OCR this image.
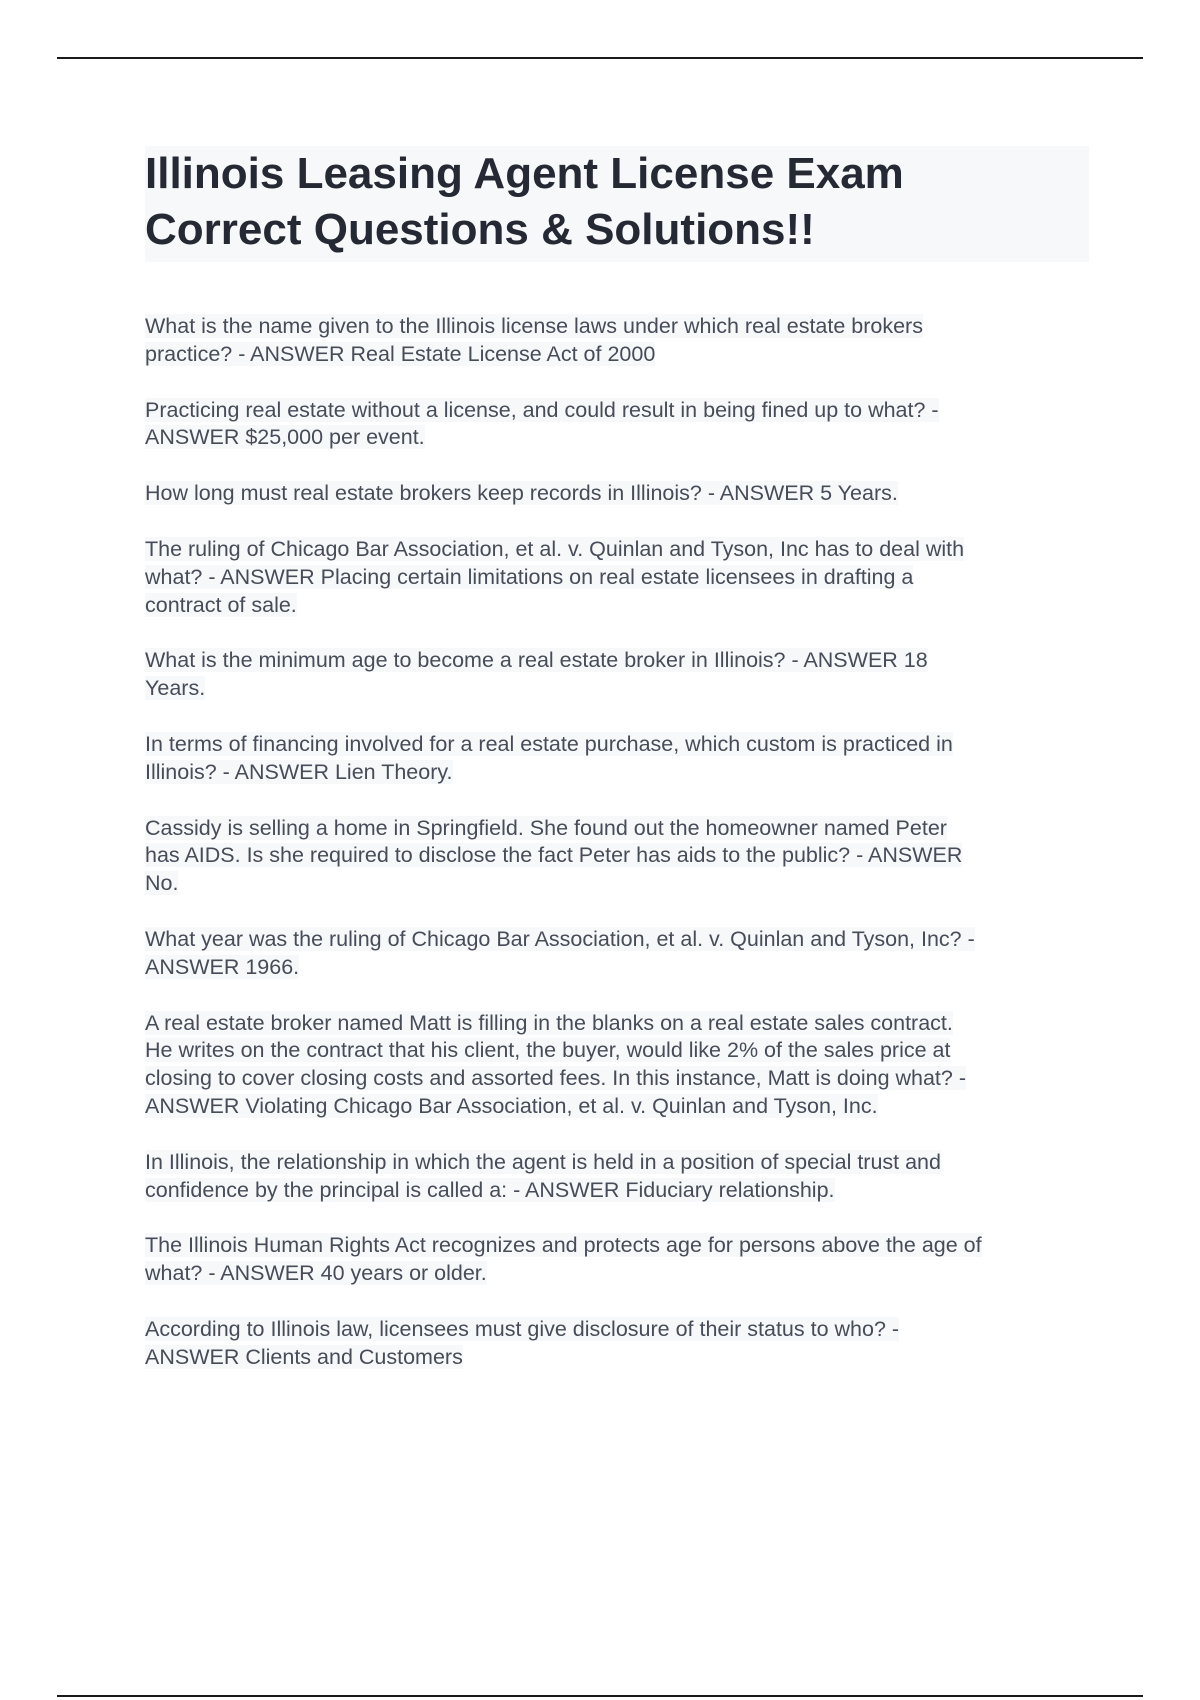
Illinois Leasing Agent License Exam
Correct Questions & Solutions!!
What is the name given to the Illinois license laws under which real estate brokers
practice? - ANSWER Real Estate License Act of 2000
Practicing real estate without a license, and could result in being fined up to what? -
ANSWER $25,000 per event.
How long must real estate brokers keep records in Illinois? - ANSWER 5 Years.
The ruling of Chicago Bar Association, et al. v. Quinlan and Tyson, Inc has to deal with
what? - ANSWER Placing certain limitations on real estate licensees in drafting a
contract of sale.
What is the minimum age to become a real estate broker in Illinois? - ANSWER 18
Years.
In terms of financing involved for a real estate purchase, which custom is practiced in
Illinois? - ANSWER Lien Theory.
Cassidy is selling a home in Springfield. She found out the homeowner named Peter
has AIDS. Is she required to disclose the fact Peter has aids to the public? - ANSWER
No.
What year was the ruling of Chicago Bar Association, et al. v. Quinlan and Tyson, Inc? -
ANSWER 1966.
A real estate broker named Matt is filling in the blanks on a real estate sales contract.
He writes on the contract that his client, the buyer, would like 2% of the sales price at
closing to cover closing costs and assorted fees. In this instance, Matt is doing what? -
ANSWER Violating Chicago Bar Association, et al. v. Quinlan and Tyson, Inc.
In Illinois, the relationship in which the agent is held in a position of special trust and
confidence by the principal is called a: - ANSWER Fiduciary relationship.
The Illinois Human Rights Act recognizes and protects age for persons above the age of
what? - ANSWER 40 years or older.
According to Illinois law, licensees must give disclosure of their status to who? -
ANSWER Clients and Customers
